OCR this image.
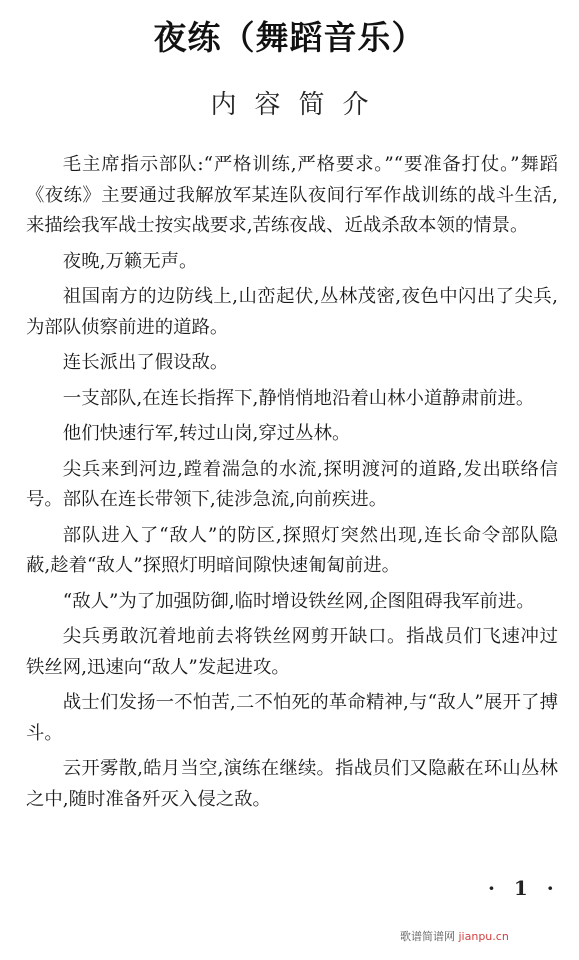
夜练（舞蹈音乐）
内容简介

毛主席指示部队:“严格训练,严格要求。”“要准备打仗。”舞蹈《夜练》主要通过我解放军某连队夜间行军作战训练的战斗生活,来描绘我军战士按实战要求,苦练夜战、近战杀敌本领的情景。

夜晚,万籁无声。

祖国南方的边防线上,山峦起伏,丛林茂密,夜色中闪出了尖兵,为部队侦察前进的道路。

连长派出了假设敌。

一支部队,在连长指挥下,静悄悄地沿着山林小道静肃前进。

他们快速行军,转过山岗,穿过丛林。

尖兵来到河边,蹚着湍急的水流,探明渡河的道路,发出联络信号。部队在连长带领下,徒涉急流,向前疾进。

部队进入了“敌人”的防区,探照灯突然出现,连长命令部队隐蔽,趁着“敌人”探照灯明暗间隙快速匍匐前进。

“敌人”为了加强防御,临时增设铁丝网,企图阻碍我军前进。

尖兵勇敢沉着地前去将铁丝网剪开缺口。指战员们飞速冲过铁丝网,迅速向“敌人”发起进攻。

战士们发扬一不怕苦,二不怕死的革命精神,与“敌人”展开了搏斗。

云开雾散,皓月当空,演练在继续。指战员们又隐蔽在环山丛林之中,随时准备歼灭入侵之敌。

· 1 ·
歌谱简谱网 jianpu.cn
